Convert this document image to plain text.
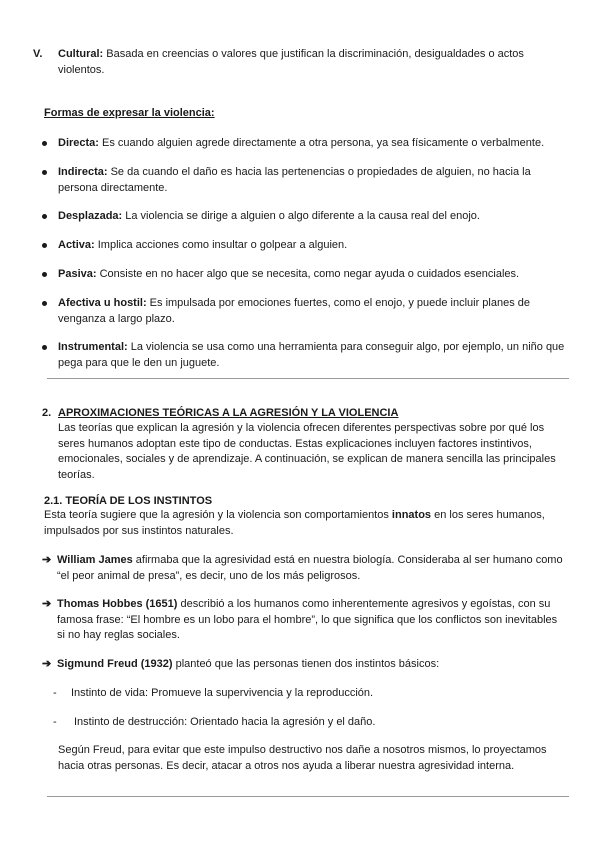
V.	Cultural: Basada en creencias o valores que justifican la discriminación, desigualdades o actos violentos.
Formas de expresar la violencia:
Directa: Es cuando alguien agrede directamente a otra persona, ya sea físicamente o verbalmente.
Indirecta: Se da cuando el daño es hacia las pertenencias o propiedades de alguien, no hacia la persona directamente.
Desplazada: La violencia se dirige a alguien o algo diferente a la causa real del enojo.
Activa: Implica acciones como insultar o golpear a alguien.
Pasiva: Consiste en no hacer algo que se necesita, como negar ayuda o cuidados esenciales.
Afectiva u hostil: Es impulsada por emociones fuertes, como el enojo, y puede incluir planes de venganza a largo plazo.
Instrumental: La violencia se usa como una herramienta para conseguir algo, por ejemplo, un niño que pega para que le den un juguete.
2. APROXIMACIONES TEÓRICAS A LA AGRESIÓN Y LA VIOLENCIA
Las teorías que explican la agresión y la violencia ofrecen diferentes perspectivas sobre por qué los seres humanos adoptan este tipo de conductas. Estas explicaciones incluyen factores instintivos, emocionales, sociales y de aprendizaje. A continuación, se explican de manera sencilla las principales teorías.
2.1. TEORÍA DE LOS INSTINTOS
Esta teoría sugiere que la agresión y la violencia son comportamientos innatos en los seres humanos, impulsados por sus instintos naturales.
➔ William James afirmaba que la agresividad está en nuestra biología. Consideraba al ser humano como “el peor animal de presa”, es decir, uno de los más peligrosos.
➔ Thomas Hobbes (1651) describió a los humanos como inherentemente agresivos y egoístas, con su famosa frase: “El hombre es un lobo para el hombre”, lo que significa que los conflictos son inevitables si no hay reglas sociales.
➔ Sigmund Freud (1932) planteó que las personas tienen dos instintos básicos:
- Instinto de vida: Promueve la supervivencia y la reproducción.
- Instinto de destrucción: Orientado hacia la agresión y el daño.
Según Freud, para evitar que este impulso destructivo nos dañe a nosotros mismos, lo proyectamos hacia otras personas. Es decir, atacar a otros nos ayuda a liberar nuestra agresividad interna.
